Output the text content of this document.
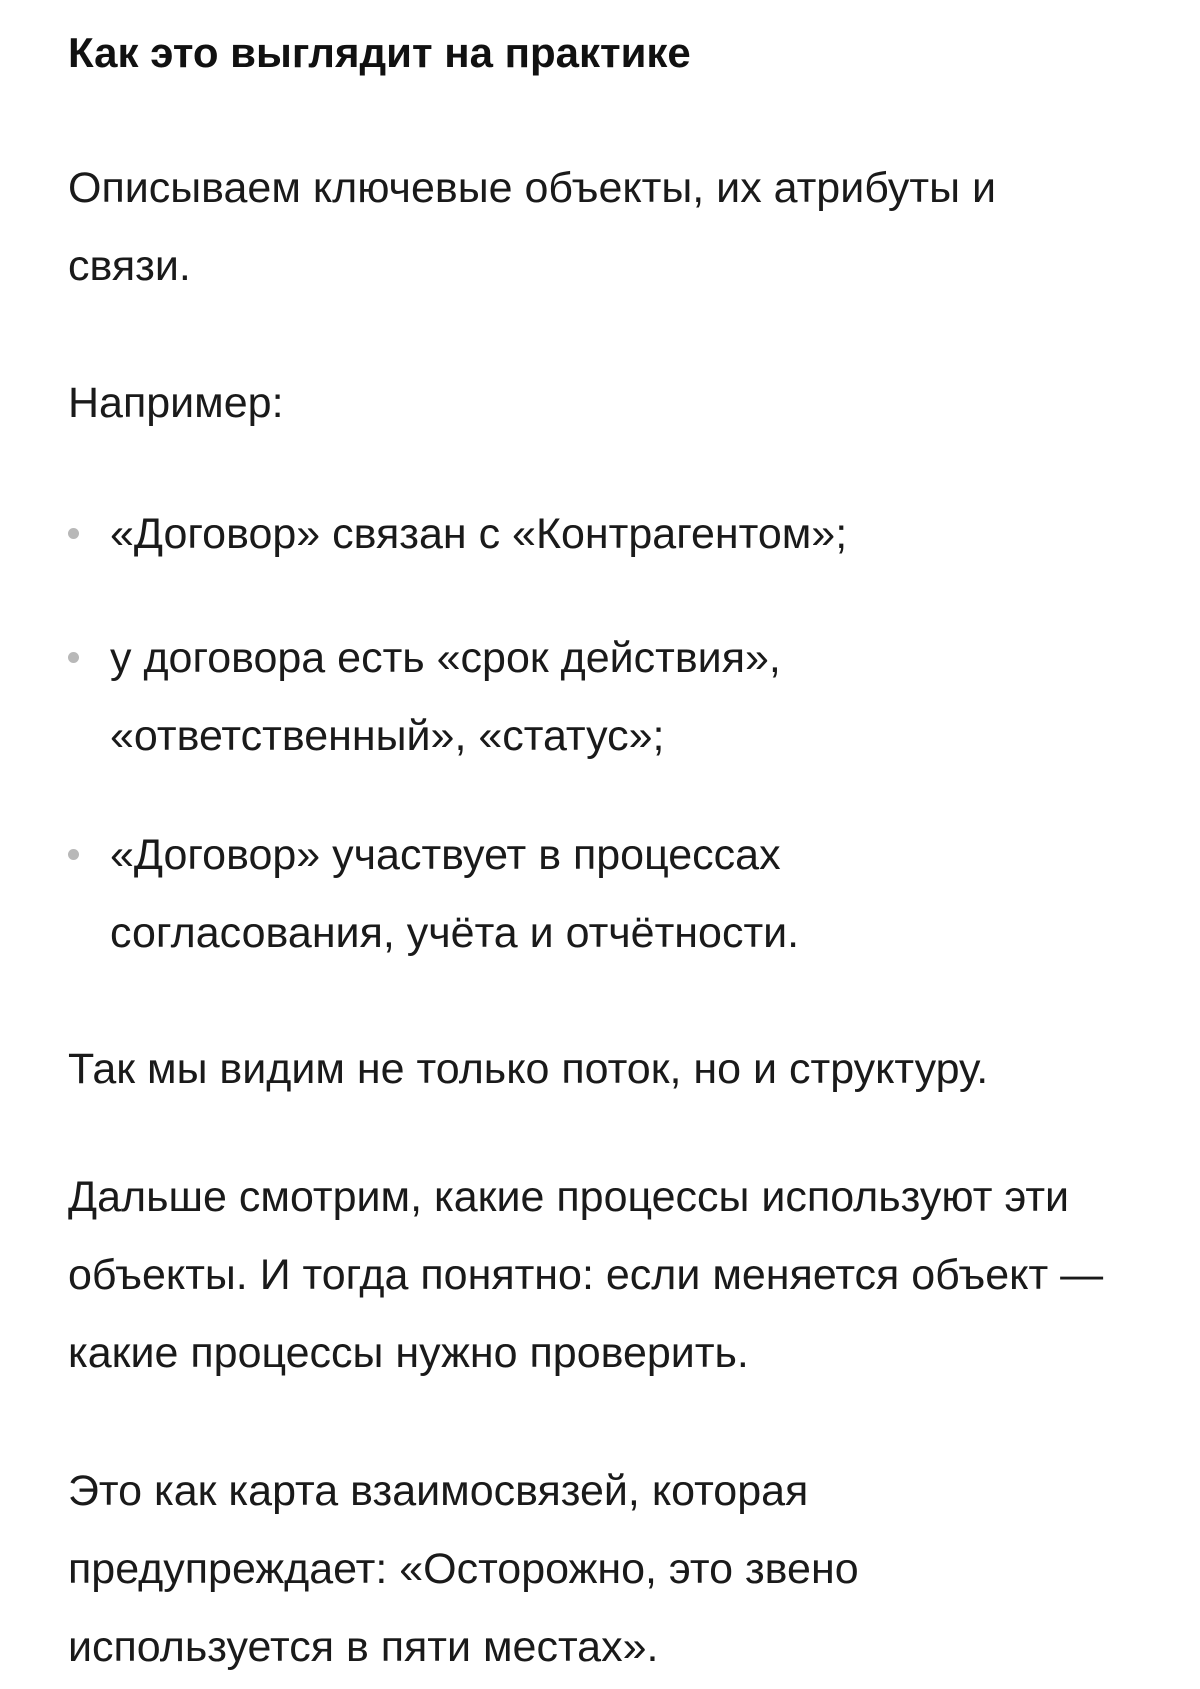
Как это выглядит на практике

Описываем ключевые объекты, их атрибуты и связи.

Например:

«Договор» связан с «Контрагентом»;
у договора есть «срок действия», «ответственный», «статус»;
«Договор» участвует в процессах согласования, учёта и отчётности.

Так мы видим не только поток, но и структуру.

Дальше смотрим, какие процессы используют эти объекты. И тогда понятно: если меняется объект — какие процессы нужно проверить.

Это как карта взаимосвязей, которая предупреждает: «Осторожно, это звено используется в пяти местах».
